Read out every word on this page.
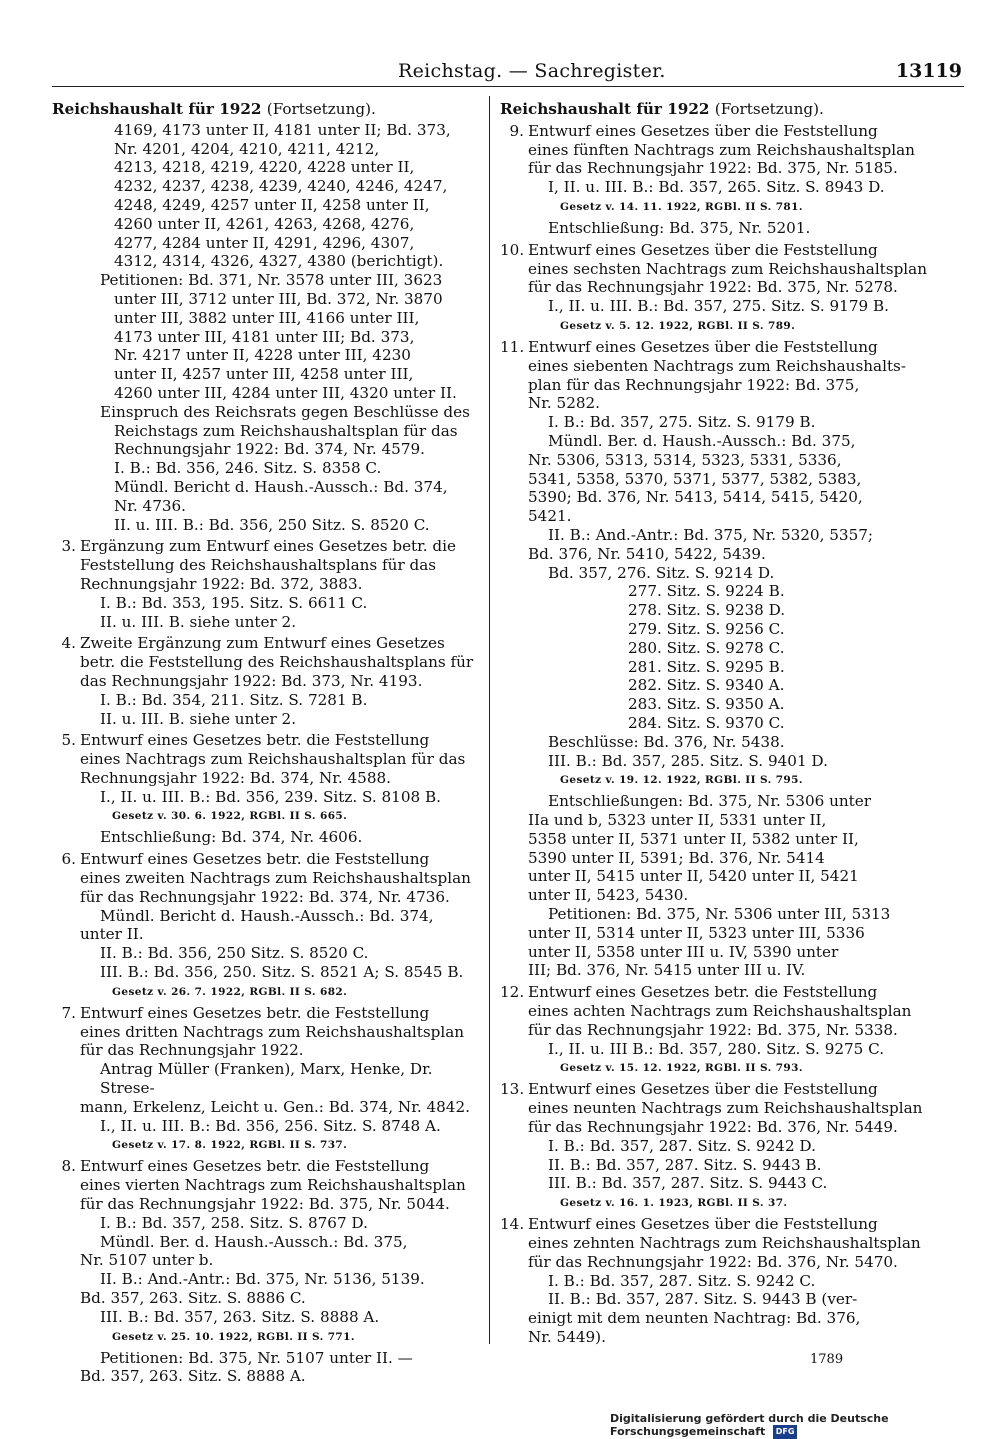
Reichstag. — Sachregister.	13119
Reichshaushalt für 1922 (Fortsetzung).
4169, 4173 unter II, 4181 unter II; Bd. 373,
Nr. 4201, 4204, 4210, 4211, 4212,
4213, 4218, 4219, 4220, 4228 unter II,
4232, 4237, 4238, 4239, 4240, 4246, 4247,
4248, 4249, 4257 unter II, 4258 unter II,
4260 unter II, 4261, 4263, 4268, 4276,
4277, 4284 unter II, 4291, 4296, 4307,
4312, 4314, 4326, 4327, 4380 (berichtigt).
Petitionen: Bd. 371, Nr. 3578 unter III, 3623
unter III, 3712 unter III, Bd. 372, Nr. 3870
unter III, 3882 unter III, 4166 unter III,
4173 unter III, 4181 unter III; Bd. 373,
Nr. 4217 unter II, 4228 unter III, 4230
unter II, 4257 unter III, 4258 unter III,
4260 unter III, 4284 unter III, 4320 unter II.
Einspruch des Reichsrats gegen Beschlüsse des
Reichstags zum Reichshaushaltsplan für das
Rechnungsjahr 1922: Bd. 374, Nr. 4579.
I. B.: Bd. 356, 246. Sitz. S. 8358 C.
Mündl. Bericht d. Haush.-Aussch.: Bd. 374,
Nr. 4736.
II. u. III. B.: Bd. 356, 250 Sitz. S. 8520 C.
3. Ergänzung zum Entwurf eines Gesetzes betr. die
Feststellung des Reichshaushaltsplans für das
Rechnungsjahr 1922: Bd. 372, 3883.
I. B.: Bd. 353, 195. Sitz. S. 6611 C.
II. u. III. B. siehe unter 2.
4. Zweite Ergänzung zum Entwurf eines Gesetzes
betr. die Feststellung des Reichshaushaltsplans für
das Rechnungsjahr 1922: Bd. 373, Nr. 4193.
I. B.: Bd. 354, 211. Sitz. S. 7281 B.
II. u. III. B. siehe unter 2.
5. Entwurf eines Gesetzes betr. die Feststellung
eines Nachtrags zum Reichshaushaltsplan für das
Rechnungsjahr 1922: Bd. 374, Nr. 4588.
I., II. u. III. B.: Bd. 356, 239. Sitz. S. 8108 B.
Gesetz v. 30. 6. 1922, RGBl. II S. 665.
Entschließung: Bd. 374, Nr. 4606.
6. Entwurf eines Gesetzes betr. die Feststellung
eines zweiten Nachtrags zum Reichshaushaltsplan
für das Rechnungsjahr 1922: Bd. 374, Nr. 4736.
Mündl. Bericht d. Haush.-Aussch.: Bd. 374,
unter II.
II. B.: Bd. 356, 250 Sitz. S. 8520 C.
III. B.: Bd. 356, 250. Sitz. S. 8521 A; S. 8545 B.
Gesetz v. 26. 7. 1922, RGBl. II S. 682.
7. Entwurf eines Gesetzes betr. die Feststellung
eines dritten Nachtrags zum Reichshaushaltsplan
für das Rechnungsjahr 1922.
Antrag Müller (Franken), Marx, Henke, Dr. Strese-
mann, Erkelenz, Leicht u. Gen.: Bd. 374, Nr. 4842.
I., II. u. III. B.: Bd. 356, 256. Sitz. S. 8748 A.
Gesetz v. 17. 8. 1922, RGBl. II S. 737.
8. Entwurf eines Gesetzes betr. die Feststellung
eines vierten Nachtrags zum Reichshaushaltsplan
für das Rechnungsjahr 1922: Bd. 375, Nr. 5044.
I. B.: Bd. 357, 258. Sitz. S. 8767 D.
Mündl. Ber. d. Haush.-Aussch.: Bd. 375,
Nr. 5107 unter b.
II. B.: And.-Antr.: Bd. 375, Nr. 5136, 5139.
Bd. 357, 263. Sitz. S. 8886 C.
III. B.: Bd. 357, 263. Sitz. S. 8888 A.
Gesetz v. 25. 10. 1922, RGBl. II S. 771.
Petitionen: Bd. 375, Nr. 5107 unter II. —
Bd. 357, 263. Sitz. S. 8888 A.
Reichshaushalt für 1922 (Fortsetzung).
9. Entwurf eines Gesetzes über die Feststellung
eines fünften Nachtrags zum Reichshaushaltsplan
für das Rechnungsjahr 1922: Bd. 375, Nr. 5185.
I, II. u. III. B.: Bd. 357, 265. Sitz. S. 8943 D.
Gesetz v. 14. 11. 1922, RGBl. II S. 781.
Entschließung: Bd. 375, Nr. 5201.
10. Entwurf eines Gesetzes über die Feststellung
eines sechsten Nachtrags zum Reichshaushaltsplan
für das Rechnungsjahr 1922: Bd. 375, Nr. 5278.
I., II. u. III. B.: Bd. 357, 275. Sitz. S. 9179 B.
Gesetz v. 5. 12. 1922, RGBl. II S. 789.
11. Entwurf eines Gesetzes über die Feststellung
eines siebenten Nachtrags zum Reichshaushalts-
plan für das Rechnungsjahr 1922: Bd. 375,
Nr. 5282.
I. B.: Bd. 357, 275. Sitz. S. 9179 B.
Mündl. Ber. d. Haush.-Aussch.: Bd. 375,
Nr. 5306, 5313, 5314, 5323, 5331, 5336,
5341, 5358, 5370, 5371, 5377, 5382, 5383,
5390; Bd. 376, Nr. 5413, 5414, 5415, 5420,
5421.
II. B.: And.-Antr.: Bd. 375, Nr. 5320, 5357;
Bd. 376, Nr. 5410, 5422, 5439.
Bd. 357, 276. Sitz. S. 9214 D.
277. Sitz. S. 9224 B.
278. Sitz. S. 9238 D.
279. Sitz. S. 9256 C.
280. Sitz. S. 9278 C.
281. Sitz. S. 9295 B.
282. Sitz. S. 9340 A.
283. Sitz. S. 9350 A.
284. Sitz. S. 9370 C.
Beschlüsse: Bd. 376, Nr. 5438.
III. B.: Bd. 357, 285. Sitz. S. 9401 D.
Gesetz v. 19. 12. 1922, RGBl. II S. 795.
Entschließungen: Bd. 375, Nr. 5306 unter
IIa und b, 5323 unter II, 5331 unter II,
5358 unter II, 5371 unter II, 5382 unter II,
5390 unter II, 5391; Bd. 376, Nr. 5414
unter II, 5415 unter II, 5420 unter II, 5421
unter II, 5423, 5430.
Petitionen: Bd. 375, Nr. 5306 unter III, 5313
unter II, 5314 unter II, 5323 unter III, 5336
unter II, 5358 unter III u. IV, 5390 unter
III; Bd. 376, Nr. 5415 unter III u. IV.
12. Entwurf eines Gesetzes betr. die Feststellung
eines achten Nachtrags zum Reichshaushaltsplan
für das Rechnungsjahr 1922: Bd. 375, Nr. 5338.
I., II. u. III B.: Bd. 357, 280. Sitz. S. 9275 C.
Gesetz v. 15. 12. 1922, RGBl. II S. 793.
13. Entwurf eines Gesetzes über die Feststellung
eines neunten Nachtrags zum Reichshaushaltsplan
für das Rechnungsjahr 1922: Bd. 376, Nr. 5449.
I. B.: Bd. 357, 287. Sitz. S. 9242 D.
II. B.: Bd. 357, 287. Sitz. S. 9443 B.
III. B.: Bd. 357, 287. Sitz. S. 9443 C.
Gesetz v. 16. 1. 1923, RGBl. II S. 37.
14. Entwurf eines Gesetzes über die Feststellung
eines zehnten Nachtrags zum Reichshaushaltsplan
für das Rechnungsjahr 1922: Bd. 376, Nr. 5470.
I. B.: Bd. 357, 287. Sitz. S. 9242 C.
II. B.: Bd. 357, 287. Sitz. S. 9443 B (ver-
einigt mit dem neunten Nachtrag: Bd. 376,
Nr. 5449).
1789
Digitalisierung gefördert durch die Deutsche Forschungsgemeinschaft DFG
